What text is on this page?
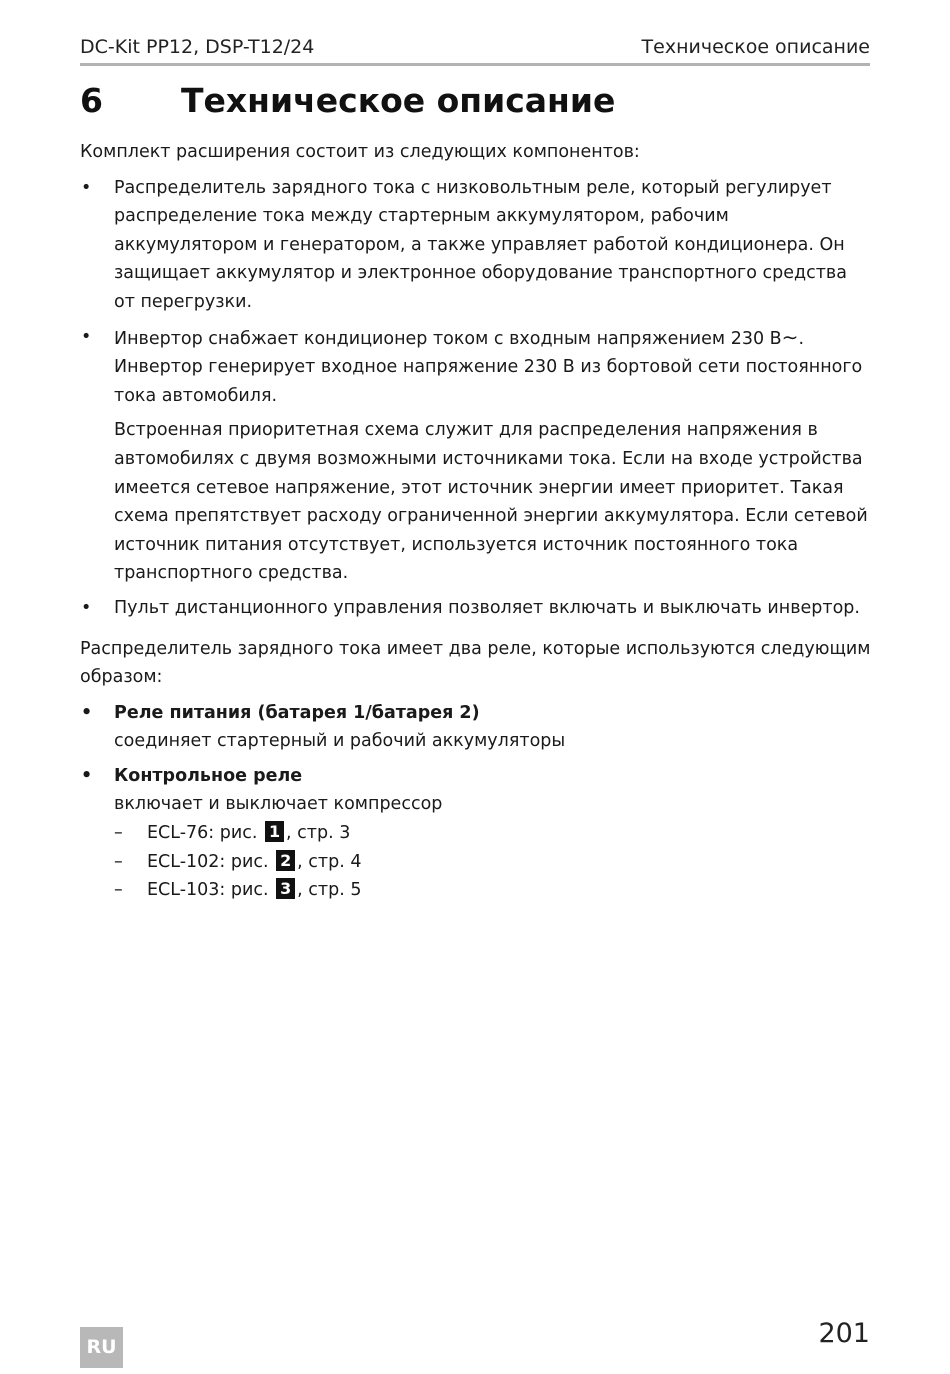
DC-Kit PP12, DSP-T12/24	Техническое описание
6 Техническое описание

Комплект расширения состоит из следующих компонентов:

• Распределитель зарядного тока с низковольтным реле, который регулирует распределение тока между стартерным аккумулятором, рабочим аккумулятором и генератором, а также управляет работой кондиционера. Он защищает аккумулятор и электронное оборудование транспортного средства от перегрузки.
• Инвертор снабжает кондиционер током с входным напряжением 230 В∼. Инвертор генерирует входное напряжение 230 В из бортовой сети постоянного тока автомобиля.

Встроенная приоритетная схема служит для распределения напряжения в автомобилях с двумя возможными источниками тока. Если на входе устройства имеется сетевое напряжение, этот источник энергии имеет приоритет. Такая схема препятствует расходу ограниченной энергии аккумулятора. Если сетевой источник питания отсутствует, используется источник постоянного тока транспортного средства.

• Пульт дистанционного управления позволяет включать и выключать инвертор.

Распределитель зарядного тока имеет два реле, которые используются следующим образом:

• Реле питания (батарея 1/батарея 2)
соединяет стартерный и рабочий аккумуляторы
• Контрольное реле
включает и выключает компрессор
– ECL-76: рис. 1 , стр. 3
– ECL-102: рис. 2 , стр. 4
– ECL-103: рис. 3 , стр. 5
RU	201
